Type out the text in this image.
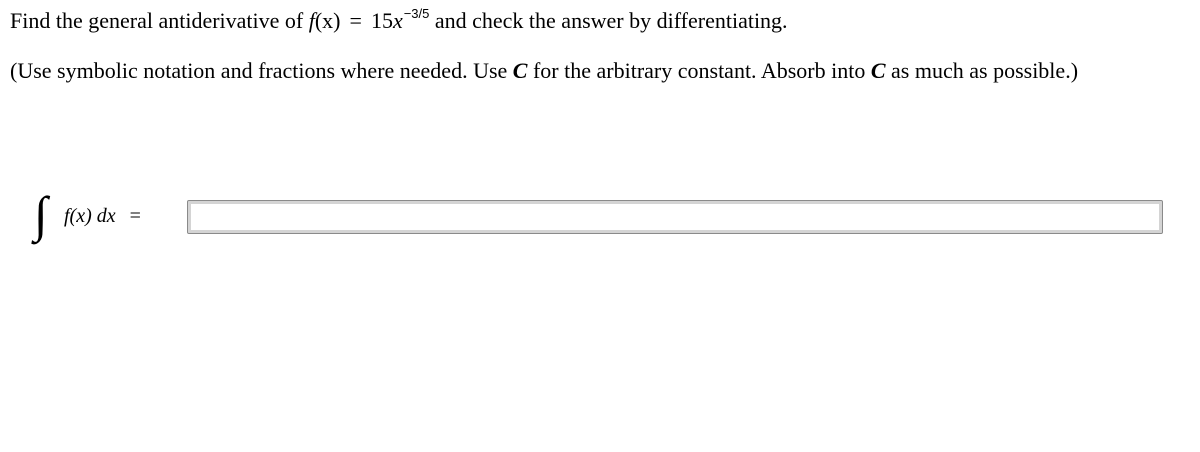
Find the general antiderivative of $f(x) = 15x^{-3/5}$ and check the answer by differentiating.
(Use symbolic notation and fractions where needed. Use C for the arbitrary constant. Absorb into C as much as possible.)
∫ f(x) dx =
